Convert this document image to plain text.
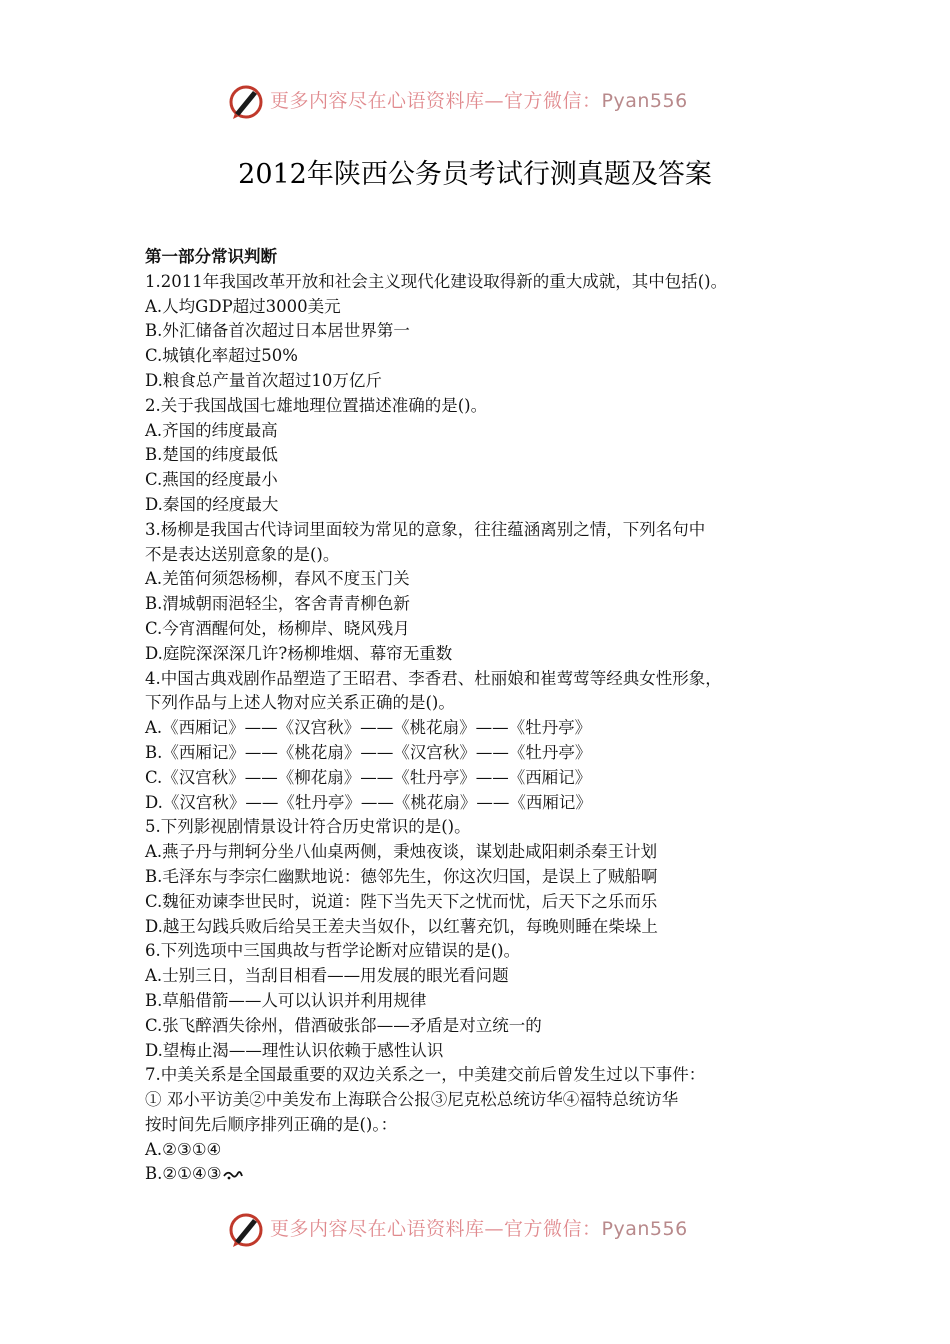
更多内容尽在心语资料库—官方微信：Pyan556
2012年陕西公务员考试行测真题及答案
第一部分常识判断
1.2011年我国改革开放和社会主义现代化建设取得新的重大成就，其中包括()。
A.人均GDP超过3000美元
B.外汇储备首次超过日本居世界第一
C.城镇化率超过50%
D.粮食总产量首次超过10万亿斤
2.关于我国战国七雄地理位置描述准确的是()。
A.齐国的纬度最高
B.楚国的纬度最低
C.燕国的经度最小
D.秦国的经度最大
3.杨柳是我国古代诗词里面较为常见的意象，往往蕴涵离别之情，下列名句中
不是表达送别意象的是()。
A.羌笛何须怨杨柳，春风不度玉门关
B.渭城朝雨浥轻尘，客舍青青柳色新
C.今宵酒醒何处，杨柳岸、晓风残月
D.庭院深深深几许?杨柳堆烟、幕帘无重数
4.中国古典戏剧作品塑造了王昭君、李香君、杜丽娘和崔莺莺等经典女性形象，
下列作品与上述人物对应关系正确的是()。
A.《西厢记》——《汉宫秋》——《桃花扇》——《牡丹亭》
B.《西厢记》——《桃花扇》——《汉宫秋》——《牡丹亭》
C.《汉宫秋》——《柳花扇》——《牡丹亭》——《西厢记》
D.《汉宫秋》——《牡丹亭》——《桃花扇》——《西厢记》
5.下列影视剧情景设计符合历史常识的是()。
A.燕子丹与荆轲分坐八仙桌两侧，秉烛夜谈，谋划赴咸阳刺杀秦王计划
B.毛泽东与李宗仁幽默地说：德邻先生，你这次归国，是误上了贼船啊
C.魏征劝谏李世民时，说道：陛下当先天下之忧而忧，后天下之乐而乐
D.越王勾践兵败后给吴王差夫当奴仆，以红薯充饥，每晚则睡在柴垛上
6.下列选项中三国典故与哲学论断对应错误的是()。
A.士别三日，当刮目相看——用发展的眼光看问题
B.草船借箭——人可以认识并利用规律
C.张飞醉酒失徐州，借酒破张郃——矛盾是对立统一的
D.望梅止渴——理性认识依赖于感性认识
7.中美关系是全国最重要的双边关系之一，中美建交前后曾发生过以下事件：
① 邓小平访美②中美发布上海联合公报③尼克松总统访华④福特总统访华
按时间先后顺序排列正确的是()。：
A.②③①④
B.②①④③
更多内容尽在心语资料库—官方微信：Pyan556
